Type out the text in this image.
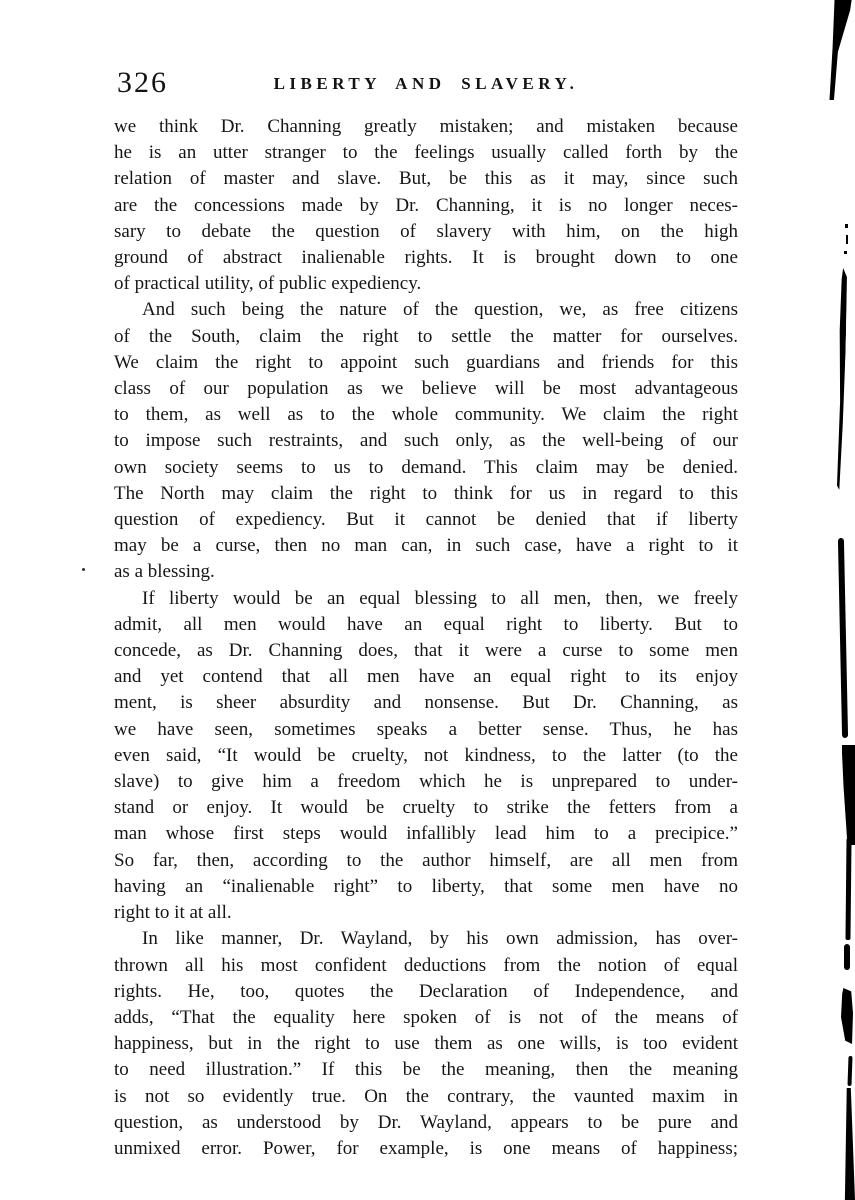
326	LIBERTY AND SLAVERY.

we think Dr. Channing greatly mistaken; and mistaken because
he is an utter stranger to the feelings usually called forth by the
relation of master and slave. But, be this as it may, since such
are the concessions made by Dr. Channing, it is no longer neces-
sary to debate the question of slavery with him, on the high
ground of abstract inalienable rights. It is brought down to one
of practical utility, of public expediency.

And such being the nature of the question, we, as free citizens
of the South, claim the right to settle the matter for ourselves.
We claim the right to appoint such guardians and friends for this
class of our population as we believe will be most advantageous
to them, as well as to the whole community. We claim the right
to impose such restraints, and such only, as the well-being of our
own society seems to us to demand. This claim may be denied.
The North may claim the right to think for us in regard to this
question of expediency. But it cannot be denied that if liberty
may be a curse, then no man can, in such case, have a right to it
as a blessing.

If liberty would be an equal blessing to all men, then, we freely
admit, all men would have an equal right to liberty. But to
concede, as Dr. Channing does, that it were a curse to some men
and yet contend that all men have an equal right to its enjoy
ment, is sheer absurdity and nonsense. But Dr. Channing, as
we have seen, sometimes speaks a better sense. Thus, he has
even said, “It would be cruelty, not kindness, to the latter (to the
slave) to give him a freedom which he is unprepared to under-
stand or enjoy. It would be cruelty to strike the fetters from a
man whose first steps would infallibly lead him to a precipice.”
So far, then, according to the author himself, are all men from
having an “inalienable right” to liberty, that some men have no
right to it at all.

In like manner, Dr. Wayland, by his own admission, has over-
thrown all his most confident deductions from the notion of equal
rights. He, too, quotes the Declaration of Independence, and
adds, “That the equality here spoken of is not of the means of
happiness, but in the right to use them as one wills, is too evident
to need illustration.” If this be the meaning, then the meaning
is not so evidently true. On the contrary, the vaunted maxim in
question, as understood by Dr. Wayland, appears to be pure and
unmixed error. Power, for example, is one means of happiness;
